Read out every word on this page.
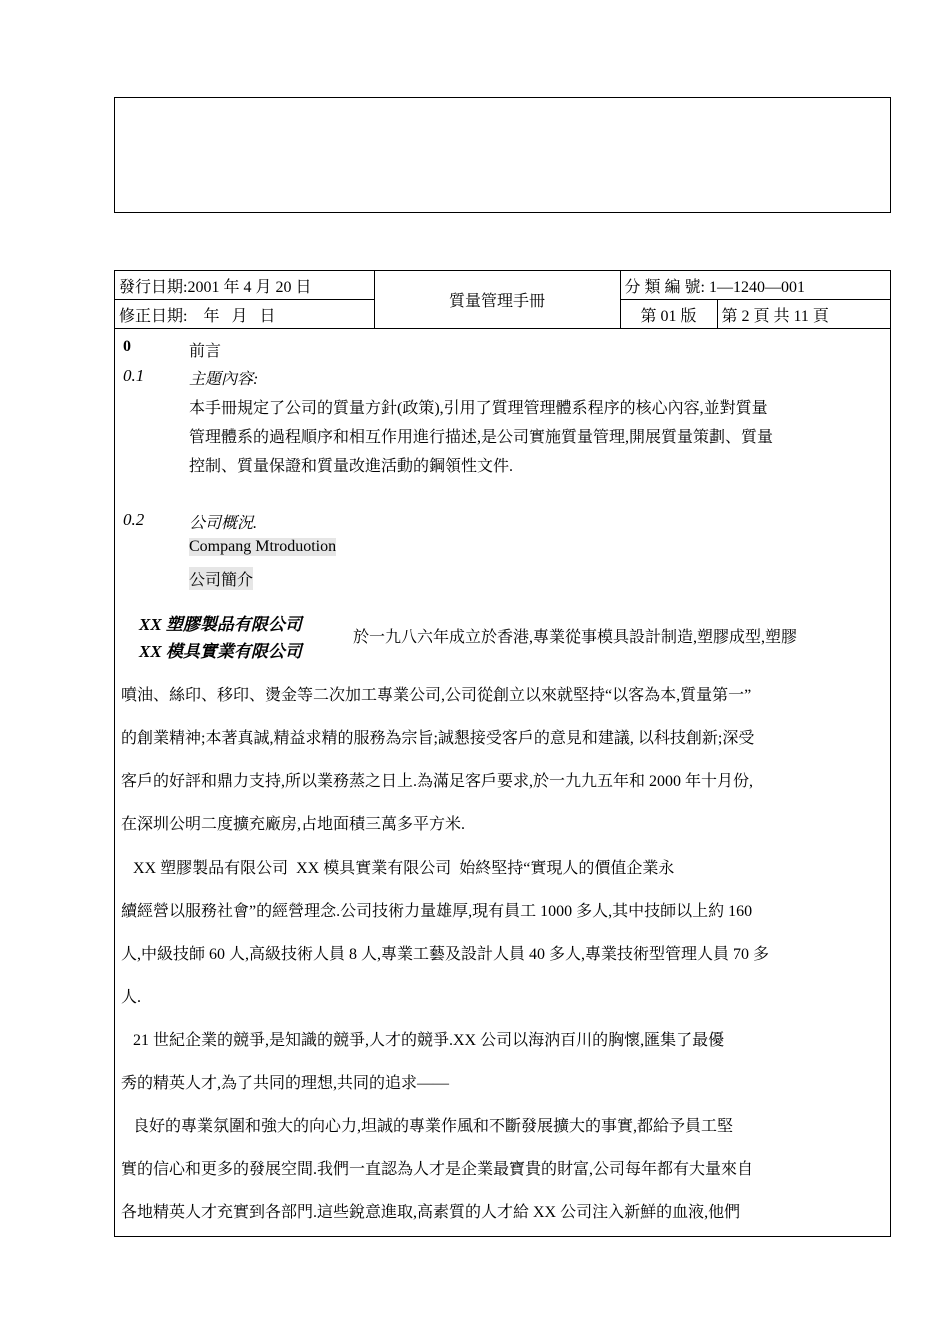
發行日期:2001 年 4 月 20 日	質量管理手冊	分 類 編 號: 1—1240—001	
修正日期:    年   月   日		第 01 版	第 2 頁 共 11 頁
0	前言
0.1	主題內容:
本手冊規定了公司的質量方針(政策),引用了質理管理體系程序的核心內容,並對質量
管理體系的過程順序和相互作用進行描述,是公司實施質量管理,開展質量策劃、質量
控制、質量保證和質量改進活動的鋼領性文件.
0.2	公司概況.
Compang Mtroduotion
公司簡介
XX 塑膠製品有限公司
XX 模具實業有限公司
於一九八六年成立於香港,專業從事模具設計制造,塑膠成型,塑膠
噴油、絲印、移印、燙金等二次加工專業公司,公司從創立以來就堅持“以客為本,質量第一”
的創業精神;本著真誠,精益求精的服務為宗旨;誠懇接受客戶的意見和建議, 以科技創新;深受
客戶的好評和鼎力支持,所以業務蒸之日上.為滿足客戶要求,於一九九五年和 2000 年十月份,
在深圳公明二度擴充廠房,占地面積三萬多平方米.
XX 塑膠製品有限公司  XX 模具實業有限公司  始終堅持“實現人的價值企業永
續經營以服務社會”的經營理念.公司技術力量雄厚,現有員工 1000 多人,其中技師以上約 160
人,中級技師 60 人,高級技術人員 8 人,專業工藝及設計人員 40 多人,專業技術型管理人員 70 多
人.
21 世紀企業的競爭,是知識的競爭,人才的競爭.XX 公司以海汭百川的胸懷,匯集了最優
秀的精英人才,為了共同的理想,共同的追求——
良好的專業氛圍和強大的向心力,坦誠的專業作風和不斷發展擴大的事實,都給予員工堅
實的信心和更多的發展空間.我們一直認為人才是企業最寶貴的財富,公司每年都有大量來自
各地精英人才充實到各部門.這些銳意進取,高素質的人才給 XX 公司注入新鮮的血液,他們
